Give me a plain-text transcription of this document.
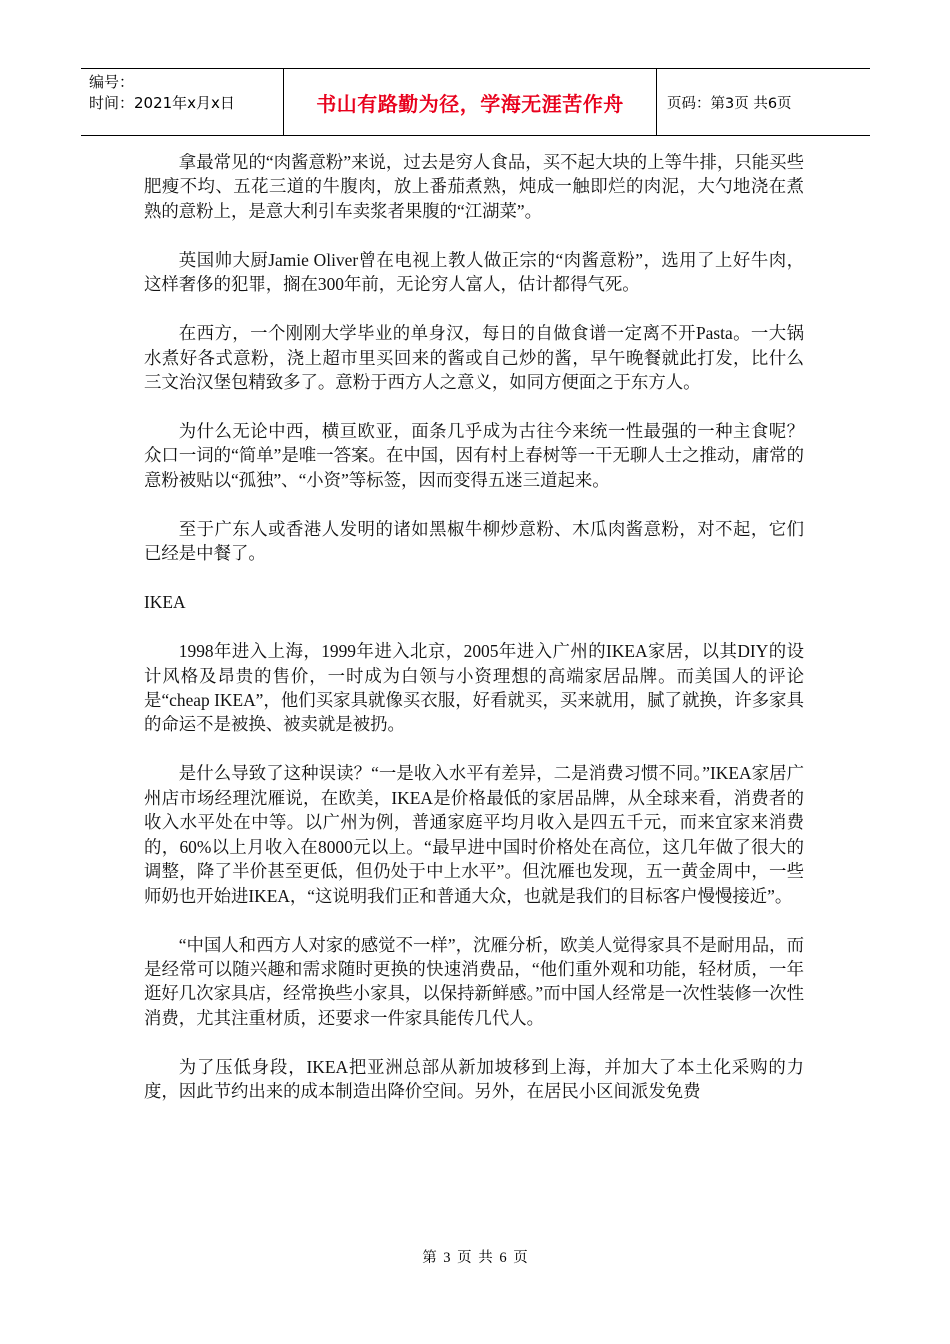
编号：
时间：2021年x月x日	书山有路勤为径，学海无涯苦作舟	页码：第3页 共6页

拿最常见的“肉酱意粉”来说，过去是穷人食品，买不起大块的上等牛排，只能买些肥瘦不均、五花三道的牛腹肉，放上番茄煮熟，炖成一触即烂的肉泥，大勺地浇在煮熟的意粉上，是意大利引车卖浆者果腹的“江湖菜”。

英国帅大厨Jamie Oliver曾在电视上教人做正宗的“肉酱意粉”，选用了上好牛肉，这样奢侈的犯罪，搁在300年前，无论穷人富人，估计都得气死。

在西方，一个刚刚大学毕业的单身汉，每日的自做食谱一定离不开Pasta。一大锅水煮好各式意粉，浇上超市里买回来的酱或自己炒的酱，早午晚餐就此打发，比什么三文治汉堡包精致多了。意粉于西方人之意义，如同方便面之于东方人。

为什么无论中西，横亘欧亚，面条几乎成为古往今来统一性最强的一种主食呢？众口一词的“简单”是唯一答案。在中国，因有村上春树等一干无聊人士之推动，庸常的意粉被贴以“孤独”、“小资”等标签，因而变得五迷三道起来。

至于广东人或香港人发明的诸如黑椒牛柳炒意粉、木瓜肉酱意粉，对不起，它们已经是中餐了。

IKEA

1998年进入上海，1999年进入北京，2005年进入广州的IKEA家居，以其DIY的设计风格及昂贵的售价，一时成为白领与小资理想的高端家居品牌。而美国人的评论是“cheap IKEA”，他们买家具就像买衣服，好看就买，买来就用，腻了就换，许多家具的命运不是被换、被卖就是被扔。

是什么导致了这种误读？“一是收入水平有差异，二是消费习惯不同。”IKEA家居广州店市场经理沈雁说，在欧美，IKEA是价格最低的家居品牌，从全球来看，消费者的收入水平处在中等。以广州为例，普通家庭平均月收入是四五千元，而来宜家来消费的，60%以上月收入在8000元以上。“最早进中国时价格处在高位，这几年做了很大的调整，降了半价甚至更低，但仍处于中上水平”。但沈雁也发现，五一黄金周中，一些师奶也开始进IKEA，“这说明我们正和普通大众，也就是我们的目标客户慢慢接近”。

“中国人和西方人对家的感觉不一样”，沈雁分析，欧美人觉得家具不是耐用品，而是经常可以随兴趣和需求随时更换的快速消费品，“他们重外观和功能，轻材质，一年逛好几次家具店，经常换些小家具，以保持新鲜感。”而中国人经常是一次性装修一次性消费，尤其注重材质，还要求一件家具能传几代人。

为了压低身段，IKEA把亚洲总部从新加坡移到上海，并加大了本土化采购的力度，因此节约出来的成本制造出降价空间。另外，在居民小区间派发免费

第 3 页 共 6 页
